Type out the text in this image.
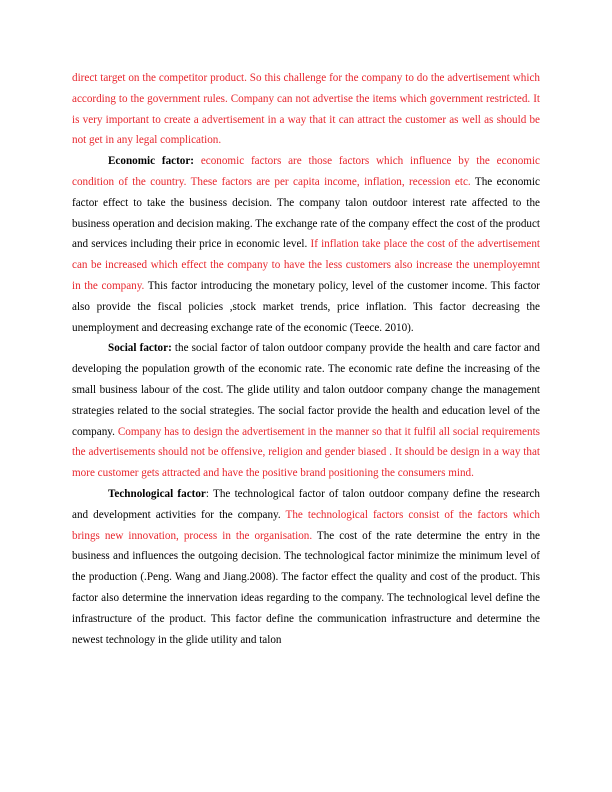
direct target on the competitor product. So this challenge for the company to do the advertisement which according to the government rules. Company can not advertise the items which government restricted. It is very important to create a advertisement in a way that it can attract the customer as well as should be not get in any legal complication.

Economic factor: economic factors are those factors which influence by the economic condition of the country. These factors are per capita income, inflation, recession etc. The economic factor effect to take the business decision. The company talon outdoor interest rate affected to the business operation and decision making. The exchange rate of the company effect the cost of the product and services including their price in economic level. If inflation take place the cost of the advertisement can be increased which effect the company to have the less customers also increase the unemployemnt in the company. This factor introducing the monetary policy, level of the customer income. This factor also provide the fiscal policies ,stock market trends, price inflation. This factor decreasing the unemployment and decreasing exchange rate of the economic (Teece. 2010).

Social factor: the social factor of talon outdoor company provide the health and care factor and developing the population growth of the economic rate. The economic rate define the increasing of the small business labour of the cost. The glide utility and talon outdoor company change the management strategies related to the social strategies. The social factor provide the health and education level of the company. Company has to design the advertisement in the manner so that it fulfil all social requirements the advertisements should not be offensive, religion and gender biased . It should be design in a way that more customer gets attracted and have the positive brand positioning the consumers mind.

Technological factor: The technological factor of talon outdoor company define the research and development activities for the company. The technological factors consist of the factors which brings new innovation, process in the organisation. The cost of the rate determine the entry in the business and influences the outgoing decision. The technological factor minimize the minimum level of the production (.Peng. Wang and Jiang.2008). The factor effect the quality and cost of the product. This factor also determine the innervation ideas regarding to the company. The technological level define the infrastructure of the product. This factor define the communication infrastructure and determine the newest technology in the glide utility and talon
